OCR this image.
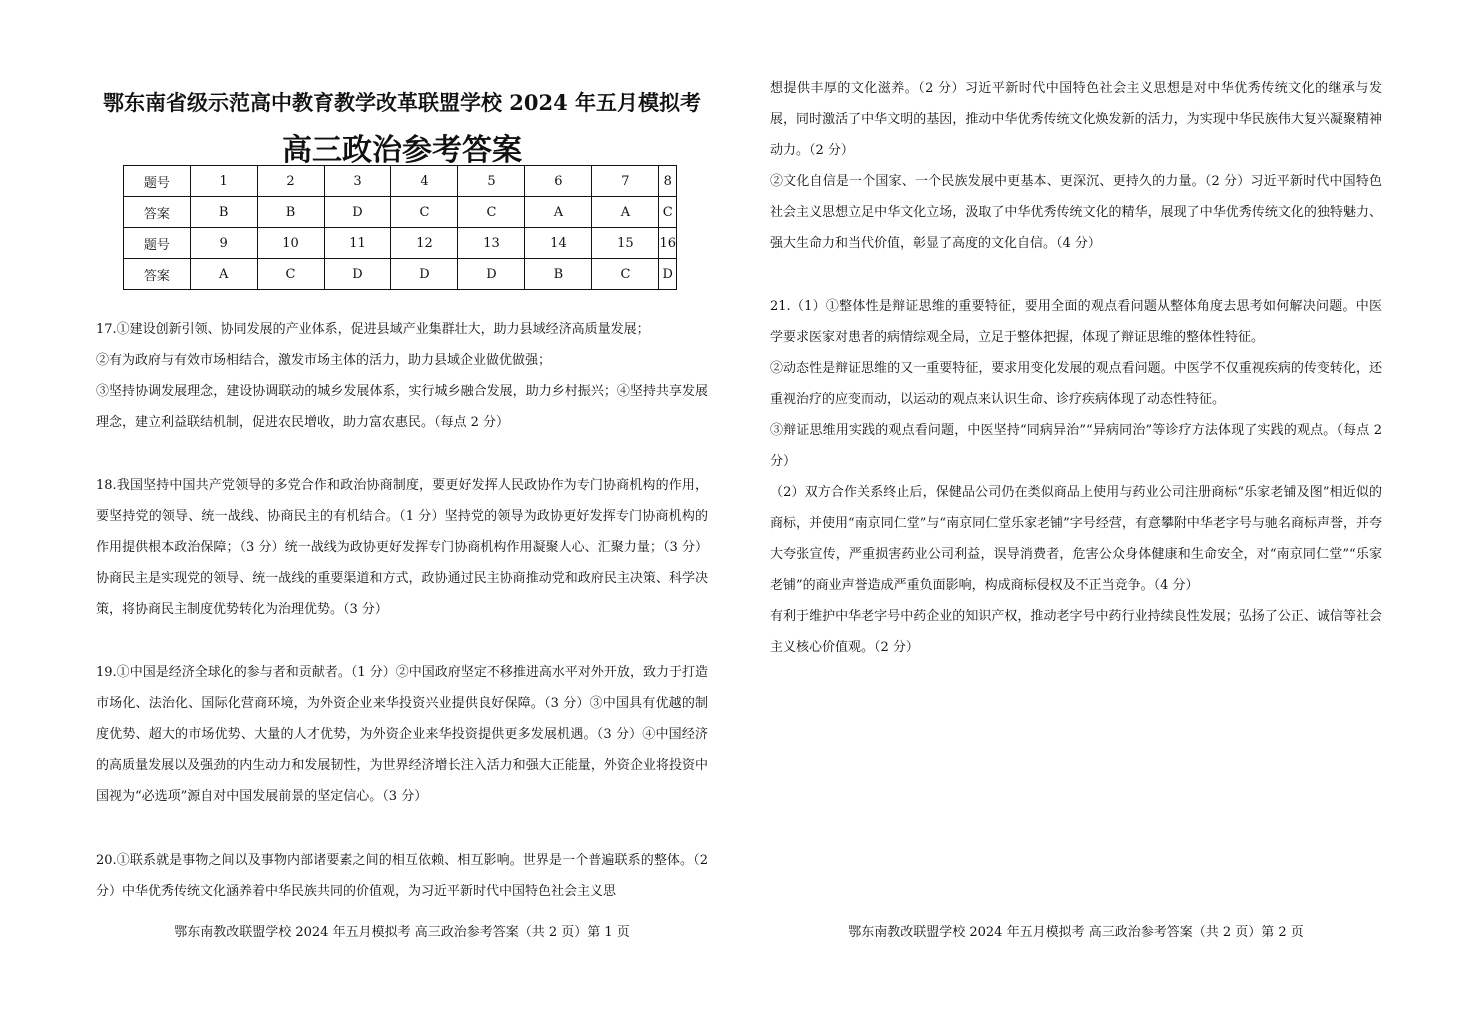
鄂东南省级示范高中教育教学改革联盟学校 2024 年五月模拟考
高三政治参考答案
题号	1	2	3	4	5	6	7	8
答案	B	B	D	C	C	A	A	C
题号	9	10	11	12	13	14	15	16
答案	A	C	D	D	D	B	C	D

17.①建设创新引领、协同发展的产业体系，促进县域产业集群壮大，助力县域经济高质量发展；

②有为政府与有效市场相结合，激发市场主体的活力，助力县域企业做优做强；

③坚持协调发展理念，建设协调联动的城乡发展体系，实行城乡融合发展，助力乡村振兴；④坚持共享发展理念，建立利益联结机制，促进农民增收，助力富农惠民。（每点 2 分）

18.我国坚持中国共产党领导的多党合作和政治协商制度，要更好发挥人民政协作为专门协商机构的作用，要坚持党的领导、统一战线、协商民主的有机结合。（1 分）坚持党的领导为政协更好发挥专门协商机构的作用提供根本政治保障；（3 分）统一战线为政协更好发挥专门协商机构作用凝聚人心、汇聚力量；（3 分）协商民主是实现党的领导、统一战线的重要渠道和方式，政协通过民主协商推动党和政府民主决策、科学决策，将协商民主制度优势转化为治理优势。（3 分）

19.①中国是经济全球化的参与者和贡献者。（1 分）②中国政府坚定不移推进高水平对外开放，致力于打造市场化、法治化、国际化营商环境，为外资企业来华投资兴业提供良好保障。（3 分）③中国具有优越的制度优势、超大的市场优势、大量的人才优势，为外资企业来华投资提供更多发展机遇。（3 分）④中国经济的高质量发展以及强劲的内生动力和发展韧性，为世界经济增长注入活力和强大正能量，外资企业将投资中国视为“必选项”源自对中国发展前景的坚定信心。（3 分）

20.①联系就是事物之间以及事物内部诸要素之间的相互依赖、相互影响。世界是一个普遍联系的整体。（2 分）中华优秀传统文化涵养着中华民族共同的价值观，为习近平新时代中国特色社会主义思

鄂东南教改联盟学校 2024 年五月模拟考 高三政治参考答案（共 2 页）第 1 页

想提供丰厚的文化滋养。（2 分）习近平新时代中国特色社会主义思想是对中华优秀传统文化的继承与发展，同时激活了中华文明的基因，推动中华优秀传统文化焕发新的活力，为实现中华民族伟大复兴凝聚精神动力。（2 分）

②文化自信是一个国家、一个民族发展中更基本、更深沉、更持久的力量。（2 分）习近平新时代中国特色社会主义思想立足中华文化立场，汲取了中华优秀传统文化的精华，展现了中华优秀传统文化的独特魅力、强大生命力和当代价值，彰显了高度的文化自信。（4 分）

21.（1）①整体性是辩证思维的重要特征，要用全面的观点看问题从整体角度去思考如何解决问题。中医学要求医家对患者的病情综观全局，立足于整体把握，体现了辩证思维的整体性特征。

②动态性是辩证思维的又一重要特征，要求用变化发展的观点看问题。中医学不仅重视疾病的传变转化，还重视治疗的应变而动，以运动的观点来认识生命、诊疗疾病体现了动态性特征。

③辩证思维用实践的观点看问题，中医坚持“同病异治”“异病同治”等诊疗方法体现了实践的观点。（每点 2 分）

（2）双方合作关系终止后，保健品公司仍在类似商品上使用与药业公司注册商标“乐家老铺及图”相近似的商标，并使用“南京同仁堂”与“南京同仁堂乐家老铺”字号经营，有意攀附中华老字号与驰名商标声誉，并夸大夸张宣传，严重损害药业公司利益，误导消费者，危害公众身体健康和生命安全，对“南京同仁堂”“乐家老铺”的商业声誉造成严重负面影响，构成商标侵权及不正当竞争。（4 分）

有利于维护中华老字号中药企业的知识产权，推动老字号中药行业持续良性发展；弘扬了公正、诚信等社会主义核心价值观。（2 分）

鄂东南教改联盟学校 2024 年五月模拟考 高三政治参考答案（共 2 页）第 2 页
